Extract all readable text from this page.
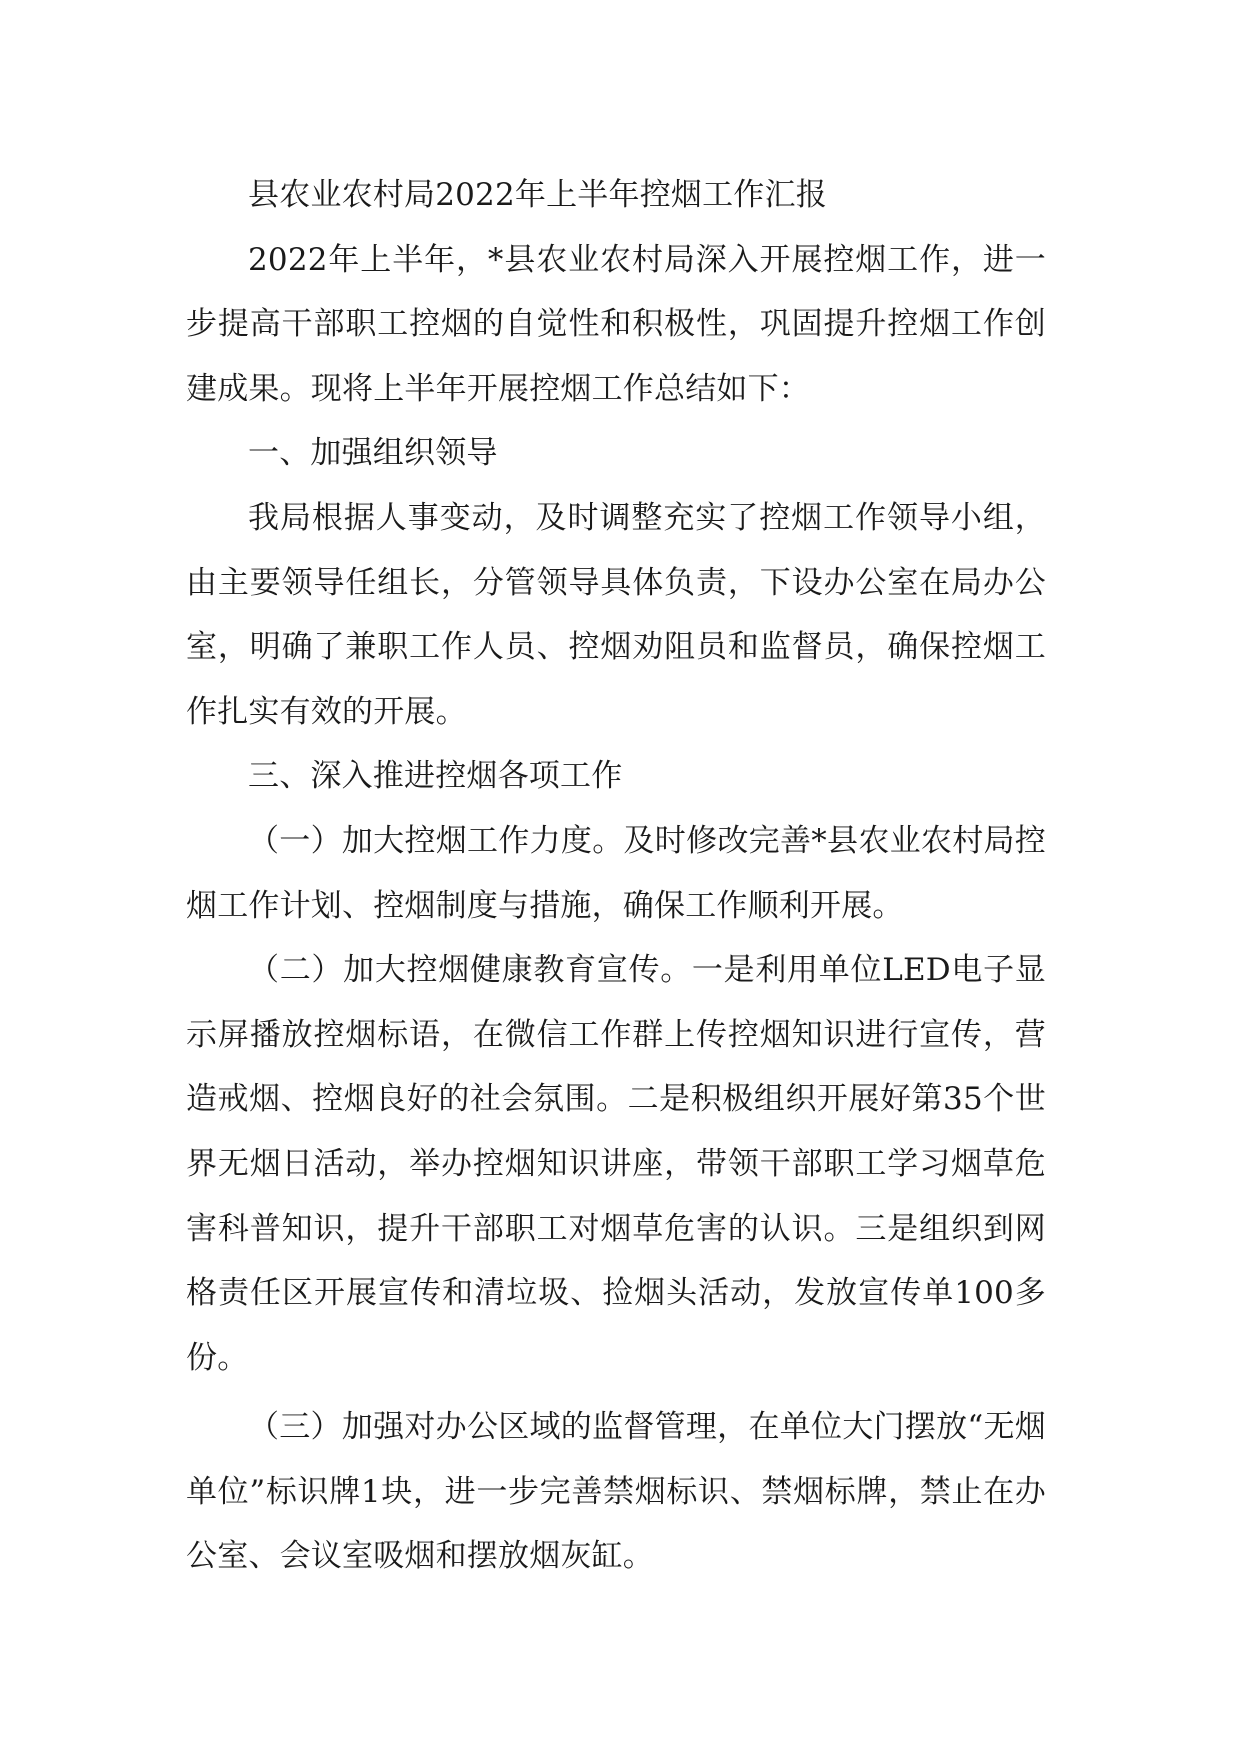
县农业农村局2022年上半年控烟工作汇报

2022年上半年，*县农业农村局深入开展控烟工作，进一步提高干部职工控烟的自觉性和积极性，巩固提升控烟工作创建成果。现将上半年开展控烟工作总结如下：

一、加强组织领导

我局根据人事变动，及时调整充实了控烟工作领导小组，由主要领导任组长，分管领导具体负责，下设办公室在局办公室，明确了兼职工作人员、控烟劝阻员和监督员，确保控烟工作扎实有效的开展。

三、深入推进控烟各项工作

（一）加大控烟工作力度。及时修改完善*县农业农村局控烟工作计划、控烟制度与措施，确保工作顺利开展。

（二）加大控烟健康教育宣传。一是利用单位LED电子显示屏播放控烟标语，在微信工作群上传控烟知识进行宣传，营造戒烟、控烟良好的社会氛围。二是积极组织开展好第35个世界无烟日活动，举办控烟知识讲座，带领干部职工学习烟草危害科普知识，提升干部职工对烟草危害的认识。三是组织到网格责任区开展宣传和清垃圾、捡烟头活动，发放宣传单100多份。

（三）加强对办公区域的监督管理，在单位大门摆放“无烟单位”标识牌1块，进一步完善禁烟标识、禁烟标牌，禁止在办公室、会议室吸烟和摆放烟灰缸。
